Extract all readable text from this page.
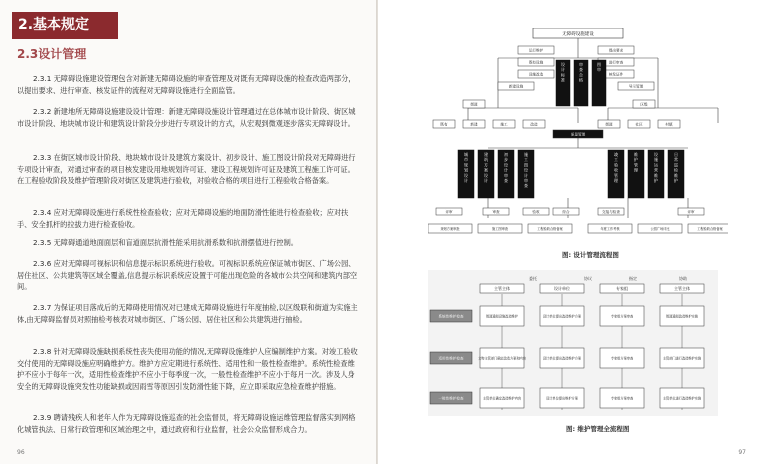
2.基本规定
2.3设计管理
2.3.1 无障碍设施建设管理包含对新建无障碍设施的审查管理及对既有无障碍设施的检查改造两部分，以提出要求、进行审查、核发证件的流程对无障碍设施进行全面监管。
2.3.2 新建地所无障碍设施建设设计管理：新建无障碍设施设计管理通过在总体城市设计阶段、街区城市设计阶段、地块城市设计和建筑设计阶段分步进行专项设计的方式，从宏观到微观逐步落实无障碍设计。
2.3.3 在街区城市设计阶段、地块城市设计及建筑方案设计、初步设计、施工图设计阶段对无障碍进行专项设计审查，对通过审查的项目核发建设用地规划许可证、建设工程规划许可证及建筑工程施工许可证。在工程验收阶段及维护管理阶段对街区及建筑进行验收，对验收合格的项目进行工程验收合格备案。
2.3.4 应对无障碍设施进行系统性检查验收；应对无障碍设施的地面防滑性能进行检查验收；应对扶手、安全抓杆的拉拔力进行检查验收。
2.3.5 无障碍通道地面面层和盲道面层抗滑性能采用抗滑系数和抗滑摆值进行控制。
2.3.6 应对无障碍可视标识和信息提示标识系统进行验收。可视标识系统应保证城市街区、广场公园、居住社区、公共建筑等区域全覆盖,信息提示标识系统应设置于可能出现危险的各城市公共空间和建筑内部空间。
2.3.7 为保证项目落成后的无障碍使用情况对已建成无障碍设施进行年度抽检,以区级联和街道为实施主体,由无障碍监督员对照抽检考核表对城市街区、广场公园、居住社区和公共建筑进行抽检。
2.3.8 针对无障碍设施缺损系统性丧失使用功能的情况,无障碍设施维护人应编制维护方案。对竣工验收交付使用的无障碍设施应明确维护方。维护方应定期进行系统性、适用性和一般性检查维护。系统性检查维护不应小于每年一次，适用性检查维护不应小于每季度一次，一般性检查维护不应小于每月一次。涉及人身安全的无障碍设施突发性功能缺损或因雨雪等原因引发防滑性能下降，应立即采取应急检查维护措施。
2.3.9 聘请残疾人和老年人作为无障碍设施巡查的社会监督员，将无障碍设施运维管理监督落实到网格化城管执法、日常行政管理和区域治理之中，通过政府和行业监督，社会公众监督形成合力。
96
无障碍设施建设
运行维护
既有设施
设施改造
新建设施
提出要求
进行审查
核发证件
导示管理
街道
既有	新建	施工	改造
区级
街道	社区	村镇
设
计
标
准
审
查
合
格
图
审
质量管理
城
市
规
划
设
计
建
筑
方
案
设
计
初
步
设
计
审
查
施
工
图
设
计
审
查
竣
工
验
收
管
理
维
护
管
理
设
施
运
营
维
护
日
常
巡
检
维
护
评审	审查	验收	综合	交接与检查	评审
规划方案审批	施工图审查	工程验收合格备案	年度工作考核	公园广场评比	工程验收合格备案
图: 设计管理流程图
委托	协议	指定	协助
主管主体	设计单位	专家组	主管主体
系统性维护检查	街道通知设施改造维护	设计单位提出改造维护方案	专家组方案审查	街道通知改造维护实施
适用性维护检查	文物主管部门确定改造方案和内容	设计单位提出改造维护方案	专家组方案审查	主管部门进行改造维护实施
一般性维护检查	主管单位确定改造维护内容	设计单位提出维护方案	专家组方案审查	主管单位进行改造维护实施
图: 维护管理全流程图
97
